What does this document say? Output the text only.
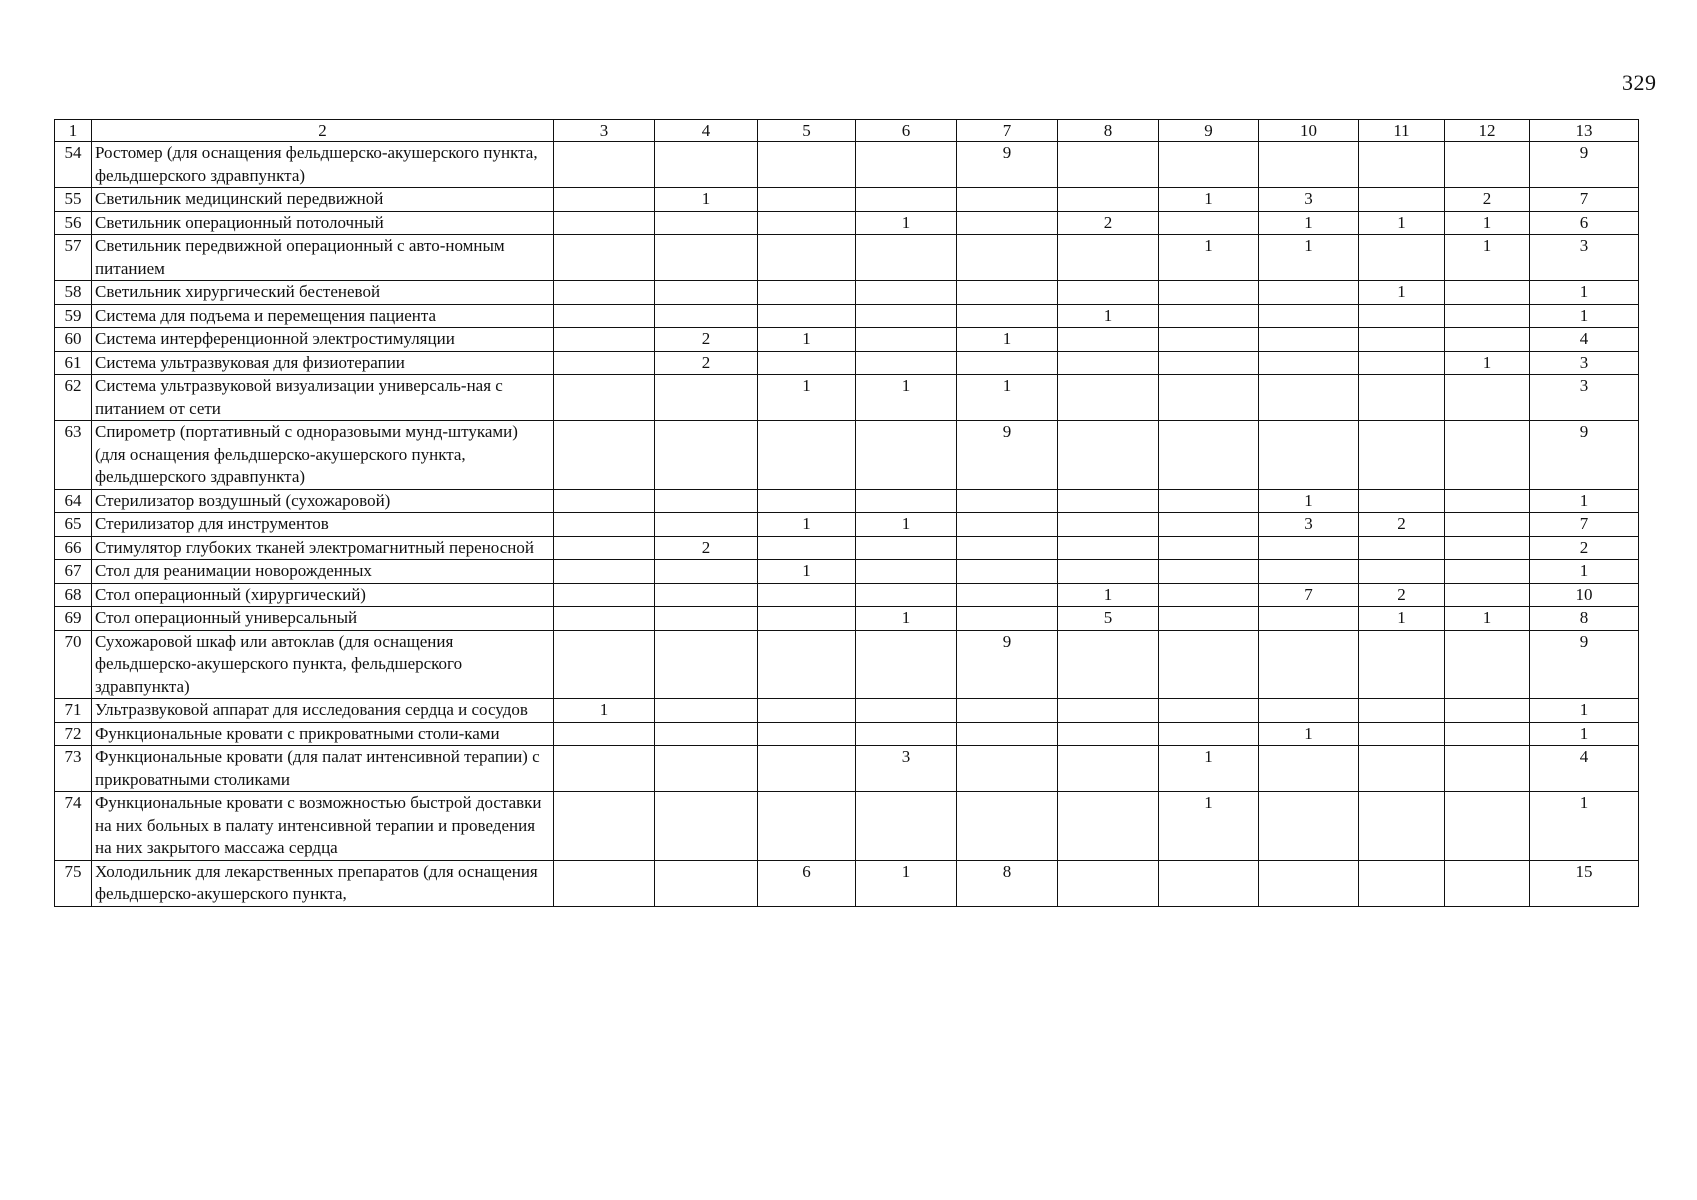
329
1	2	3	4	5	6	7	8	9	10	11	12	13
54	Ростомер (для оснащения фельдшерско-акушерского пункта, фельдшерского здравпункта)					9						9
55	Светильник медицинский передвижной		1					1	3		2	7
56	Светильник операционный потолочный				1		2		1	1	1	6
57	Светильник передвижной операционный с авто-номным питанием							1	1		1	3
58	Светильник хирургический бестеневой									1		1
59	Система для подъема и перемещения пациента						1					1
60	Система интерференционной электростимуляции		2	1		1						4
61	Система ультразвуковая для физиотерапии		2								1	3
62	Система ультразвуковой визуализации универсаль-ная с питанием от сети			1	1	1						3
63	Спирометр (портативный с одноразовыми мунд-штуками) (для оснащения фельдшерско-акушерского пункта, фельдшерского здравпункта)					9						9
64	Стерилизатор воздушный (сухожаровой)								1			1
65	Стерилизатор для инструментов			1	1				3	2		7
66	Стимулятор глубоких тканей электромагнитный переносной		2									2
67	Стол для реанимации новорожденных			1								1
68	Стол операционный (хирургический)						1		7	2		10
69	Стол операционный универсальный				1		5			1	1	8
70	Сухожаровой шкаф или автоклав (для оснащения фельдшерско-акушерского пункта, фельдшерского здравпункта)					9						9
71	Ультразвуковой аппарат для исследования сердца и сосудов	1										1
72	Функциональные кровати с прикроватными столи-ками								1			1
73	Функциональные кровати (для палат интенсивной терапии) с прикроватными столиками				3			1				4
74	Функциональные кровати с возможностью быстрой доставки на них больных в палату интенсивной терапии и проведения на них закрытого массажа сердца							1				1
75	Холодильник для лекарственных препаратов (для оснащения фельдшерско-акушерского пункта,			6	1	8						15
